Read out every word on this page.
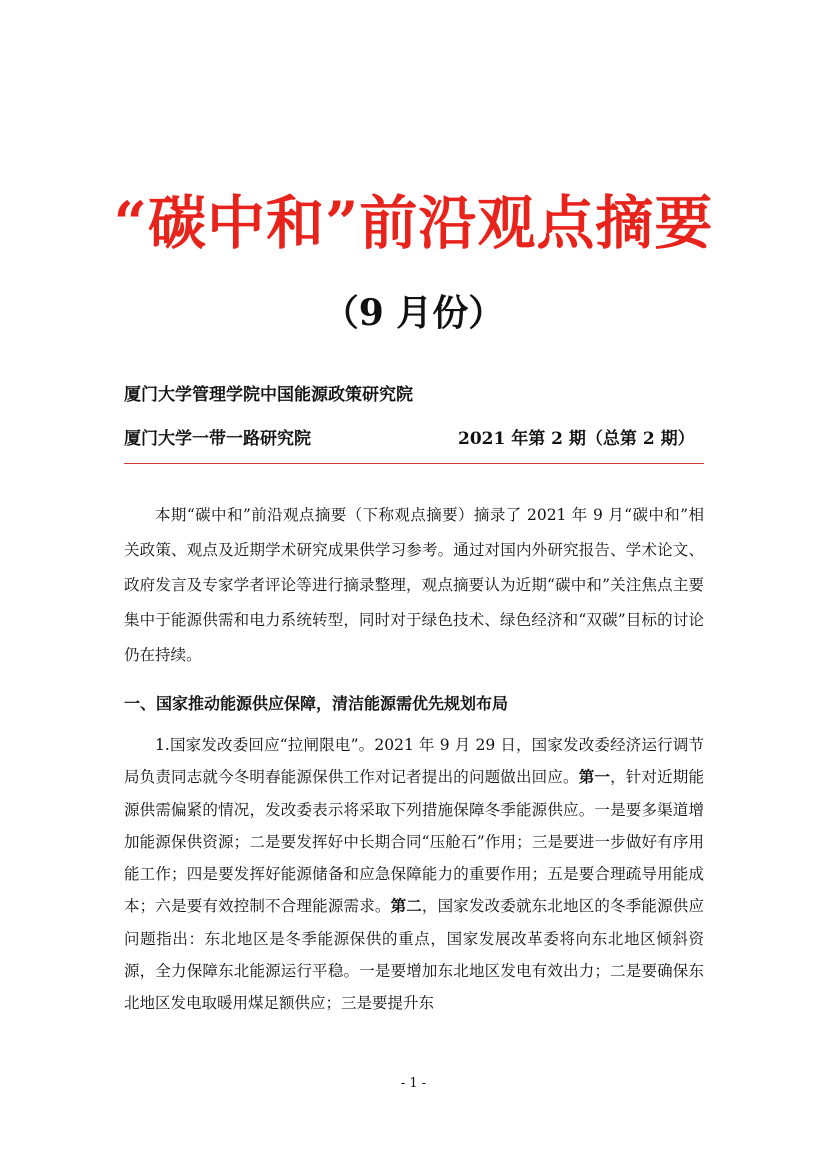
“碳中和”前沿观点摘要
（9 月份）
厦门大学管理学院中国能源政策研究院
厦门大学一带一路研究院	2021 年第 2 期（总第 2 期）

本期“碳中和”前沿观点摘要（下称观点摘要）摘录了 2021 年 9 月“碳中和”相关政策、观点及近期学术研究成果供学习参考。通过对国内外研究报告、学术论文、政府发言及专家学者评论等进行摘录整理，观点摘要认为近期“碳中和”关注焦点主要集中于能源供需和电力系统转型，同时对于绿色技术、绿色经济和“双碳”目标的讨论仍在持续。

一、国家推动能源供应保障，清洁能源需优先规划布局

1.国家发改委回应“拉闸限电”。2021 年 9 月 29 日，国家发改委经济运行调节局负责同志就今冬明春能源保供工作对记者提出的问题做出回应。第一，针对近期能源供需偏紧的情况，发改委表示将采取下列措施保障冬季能源供应。一是要多渠道增加能源保供资源；二是要发挥好中长期合同“压舱石”作用；三是要进一步做好有序用能工作；四是要发挥好能源储备和应急保障能力的重要作用；五是要合理疏导用能成本；六是要有效控制不合理能源需求。第二，国家发改委就东北地区的冬季能源供应问题指出：东北地区是冬季能源保供的重点，国家发展改革委将向东北地区倾斜资源，全力保障东北能源运行平稳。一是要增加东北地区发电有效出力；二是要确保东北地区发电取暖用煤足额供应；三是要提升东

- 1 -
